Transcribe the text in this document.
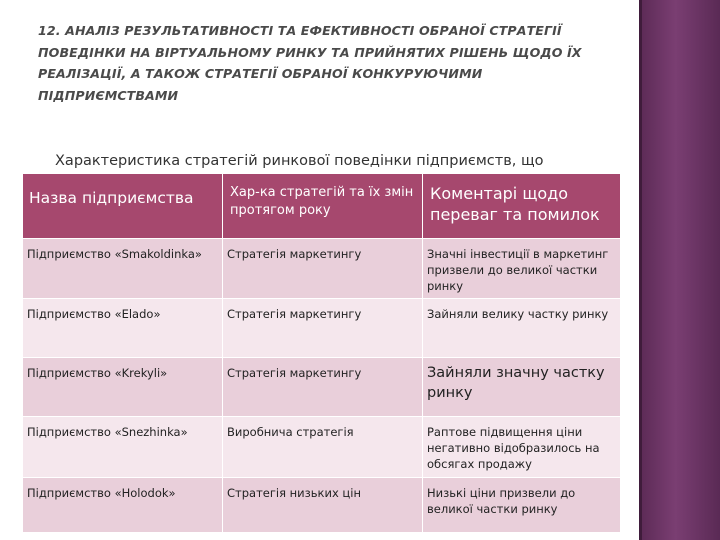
12. АНАЛІЗ РЕЗУЛЬТАТИВНОСТІ ТА ЕФЕКТИВНОСТІ ОБРАНОЇ СТРАТЕГІЇ ПОВЕДІНКИ НА ВІРТУАЛЬНОМУ РИНКУ ТА ПРИЙНЯТИХ РІШЕНЬ ЩОДО ЇХ РЕАЛІЗАЦІЇ, А ТАКОЖ СТРАТЕГІЇ ОБРАНОЇ КОНКУРУЮЧИМИ ПІДПРИЄМСТВАМИ

Характеристика стратегій ринкової поведінки підприємств, що

Назва підприємства	Хар-ка стратегій та їх змін протягом року	Коментарі щодо переваг та помилок

Підприємство «Smakoldinka»	Стратегія маркетингу	Значні інвестиції в маркетинг призвели до великої частки ринку

Підприємство «Elado»	Стратегія маркетингу	Зайняли велику частку ринку

Підприємство «Krekyli»	Стратегія маркетингу	Зайняли значну частку ринку

Підприємство «Snezhinka»	Виробнича стратегія	Раптове підвищення ціни негативно відобразилось на обсягах продажу

Підприємство «Holodok»	Стратегія низьких цін	Низькі ціни призвели до великої частки ринку
